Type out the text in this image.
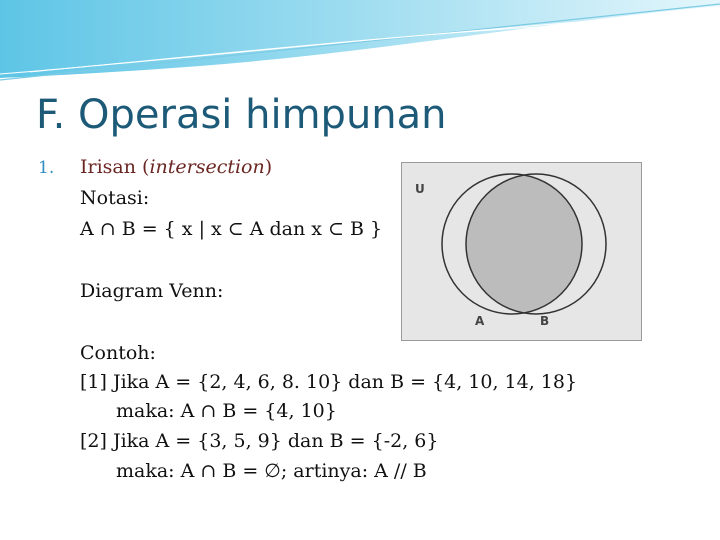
F. Operasi himpunan
1. Irisan (intersection)
Notasi:
A ∩ B = { x | x ⊂ A dan x ⊂ B }
Diagram Venn:
Contoh:
[1] Jika A = {2, 4, 6, 8. 10} dan B = {4, 10, 14, 18}
maka: A ∩ B = {4, 10}
[2] Jika A = {3, 5, 9} dan B = {-2, 6}
maka: A ∩ B = ∅; artinya: A // B
U
A	B
